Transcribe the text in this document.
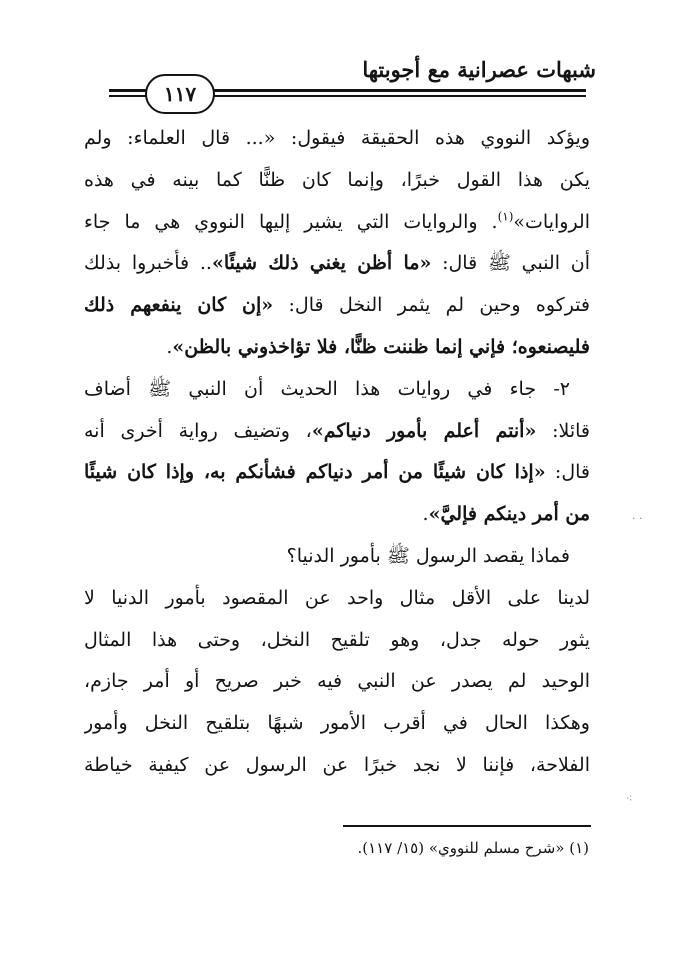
شبهات عصرانية مع أجوبتها
١١٧
ويؤكد النووي هذه الحقيقة فيقول: «... قال العلماء: ولم
يكن هذا القول خبرًا، وإنما كان ظنًّا كما بينه في هذه
الروايات»$^{(١)}$. والروايات التي يشير إليها النووي هي ما جاء
أن النبي ﷺ قال: «ما أظن يغني ذلك شيئًا».. فأخبروا بذلك
فتركوه وحين لم يثمر النخل قال: «إن كان ينفعهم ذلك
فليصنعوه؛ فإني إنما ظننت ظنًّا، فلا تؤاخذوني بالظن».
٢- جاء في روايات هذا الحديث أن النبي ﷺ أضاف
قائلا: «أنتم أعلم بأمور دنياكم»، وتضيف رواية أخرى أنه
قال: «إذا كان شيئًا من أمر دنياكم فشأنكم به، وإذا كان شيئًا
من أمر دينكم فإليَّ».
فماذا يقصد الرسول ﷺ بأمور الدنيا؟
لدينا على الأقل مثال واحد عن المقصود بأمور الدنيا لا
يثور حوله جدل، وهو تلقيح النخل، وحتى هذا المثال
الوحيد لم يصدر عن النبي فيه خبر صريح أو أمر جازم،
وهكذا الحال في أقرب الأمور شبهًا بتلقيح النخل وأمور
الفلاحة، فإننا لا نجد خبرًا عن الرسول عن كيفية خياطة
(١) «شرح مسلم للنووي» (١٥/ ١١٧).
· ·
⁖
